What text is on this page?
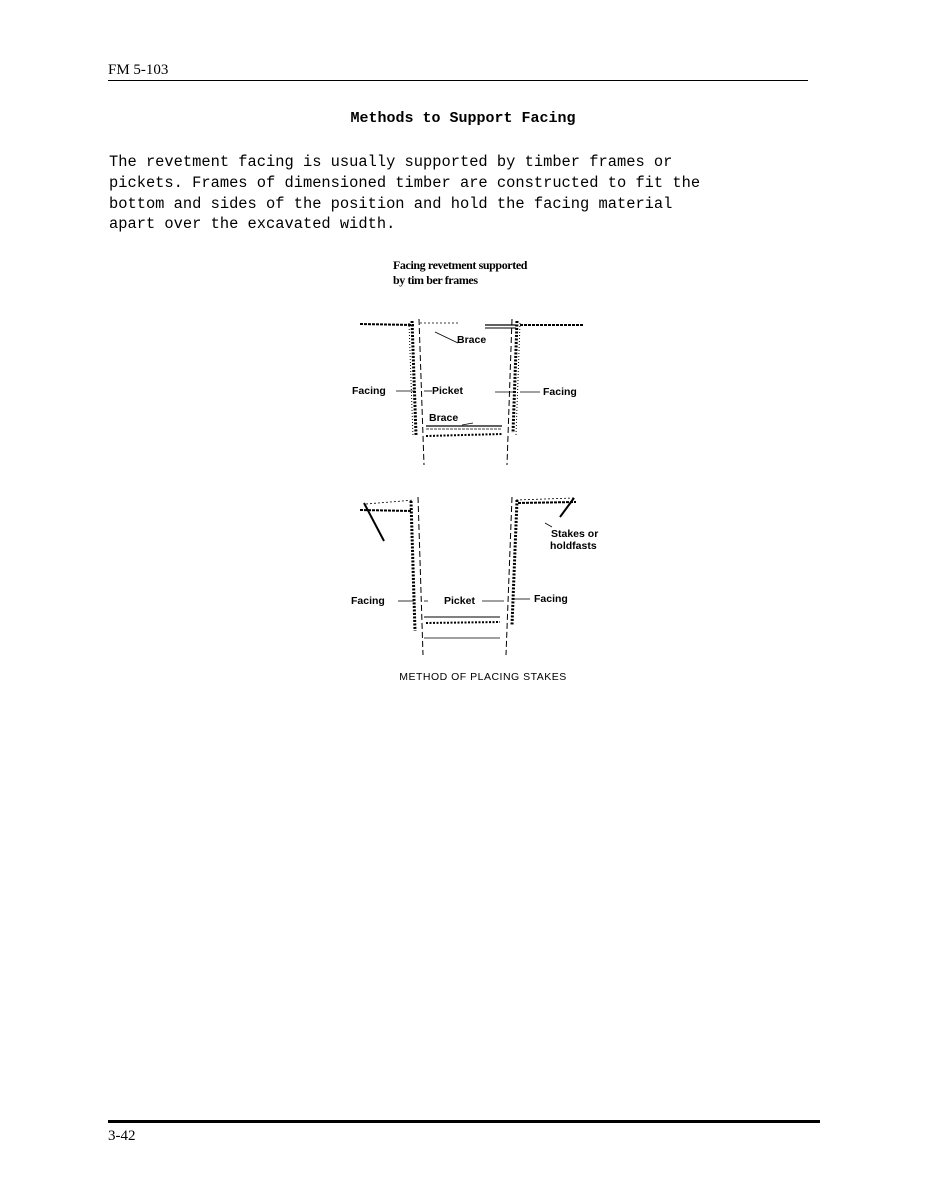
FM 5-103
Methods to Support Facing
The revetment facing is usually supported by timber frames or
pickets. Frames of dimensioned timber are constructed to fit the
bottom and sides of the position and hold the facing material
apart over the excavated width.
Facing revetment supported
by tim ber frames
Brace
Facing	Picket	Facing
Brace
Stakes or
holdfasts
Facing	Picket	Facing
METHOD OF PLACING STAKES
3-42
